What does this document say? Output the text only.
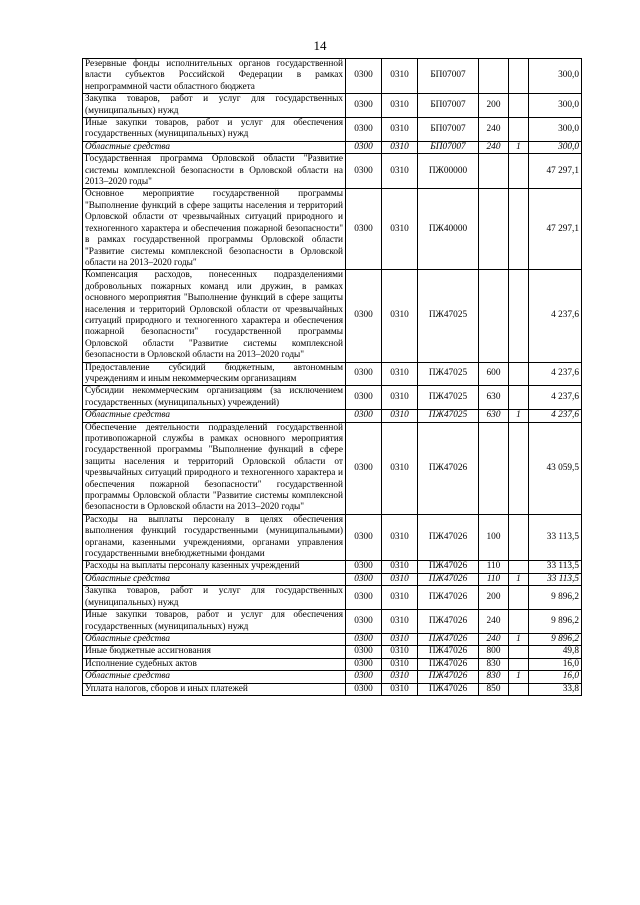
14
Резервные фонды исполнительных органов государственной власти субъектов Российской Федерации в рамках непрограммной части областного бюджета	0300	0310	БП07007			300,0
Закупка товаров, работ и услуг для государственных (муниципальных) нужд	0300	0310	БП07007	200		300,0
Иные закупки товаров, работ и услуг для обеспечения государственных (муниципальных) нужд	0300	0310	БП07007	240		300,0
Областные средства	0300	0310	БП07007	240	1	300,0
Государственная программа Орловской области "Развитие системы комплексной безопасности в Орловской области на 2013–2020 годы"	0300	0310	ПЖ00000			47 297,1
Основное мероприятие государственной программы "Выполнение функций в сфере защиты населения и территорий Орловской области от чрезвычайных ситуаций природного и техногенного характера и обеспечения пожарной безопасности" в рамках государственной программы Орловской области "Развитие системы комплексной безопасности в Орловской области на 2013–2020 годы"	0300	0310	ПЖ40000			47 297,1
Компенсация расходов, понесенных подразделениями добровольных пожарных команд или дружин, в рамках основного мероприятия "Выполнение функций в сфере защиты населения и территорий Орловской области от чрезвычайных ситуаций природного и техногенного характера и обеспечения пожарной безопасности" государственной программы Орловской области "Развитие системы комплексной безопасности в Орловской области на 2013–2020 годы"	0300	0310	ПЖ47025			4 237,6
Предоставление субсидий бюджетным, автономным учреждениям и иным некоммерческим организациям	0300	0310	ПЖ47025	600		4 237,6
Субсидии некоммерческим организациям (за исключением государственных (муниципальных) учреждений)	0300	0310	ПЖ47025	630		4 237,6
Областные средства	0300	0310	ПЖ47025	630	1	4 237,6
Обеспечение деятельности подразделений государственной противопожарной службы в рамках основного мероприятия государственной программы "Выполнение функций в сфере защиты населения и территорий Орловской области от чрезвычайных ситуаций природного и техногенного характера и обеспечения пожарной безопасности" государственной программы Орловской области "Развитие системы комплексной безопасности в Орловской области на 2013–2020 годы"	0300	0310	ПЖ47026			43 059,5
Расходы на выплаты персоналу в целях обеспечения выполнения функций государственными (муниципальными) органами, казенными учреждениями, органами управления государственными внебюджетными фондами	0300	0310	ПЖ47026	100		33 113,5
Расходы на выплаты персоналу казенных учреждений	0300	0310	ПЖ47026	110		33 113,5
Областные средства	0300	0310	ПЖ47026	110	1	33 113,5
Закупка товаров, работ и услуг для государственных (муниципальных) нужд	0300	0310	ПЖ47026	200		9 896,2
Иные закупки товаров, работ и услуг для обеспечения государственных (муниципальных) нужд	0300	0310	ПЖ47026	240		9 896,2
Областные средства	0300	0310	ПЖ47026	240	1	9 896,2
Иные бюджетные ассигнования	0300	0310	ПЖ47026	800		49,8
Исполнение судебных актов	0300	0310	ПЖ47026	830		16,0
Областные средства	0300	0310	ПЖ47026	830	1	16,0
Уплата налогов, сборов и иных платежей	0300	0310	ПЖ47026	850		33,8
